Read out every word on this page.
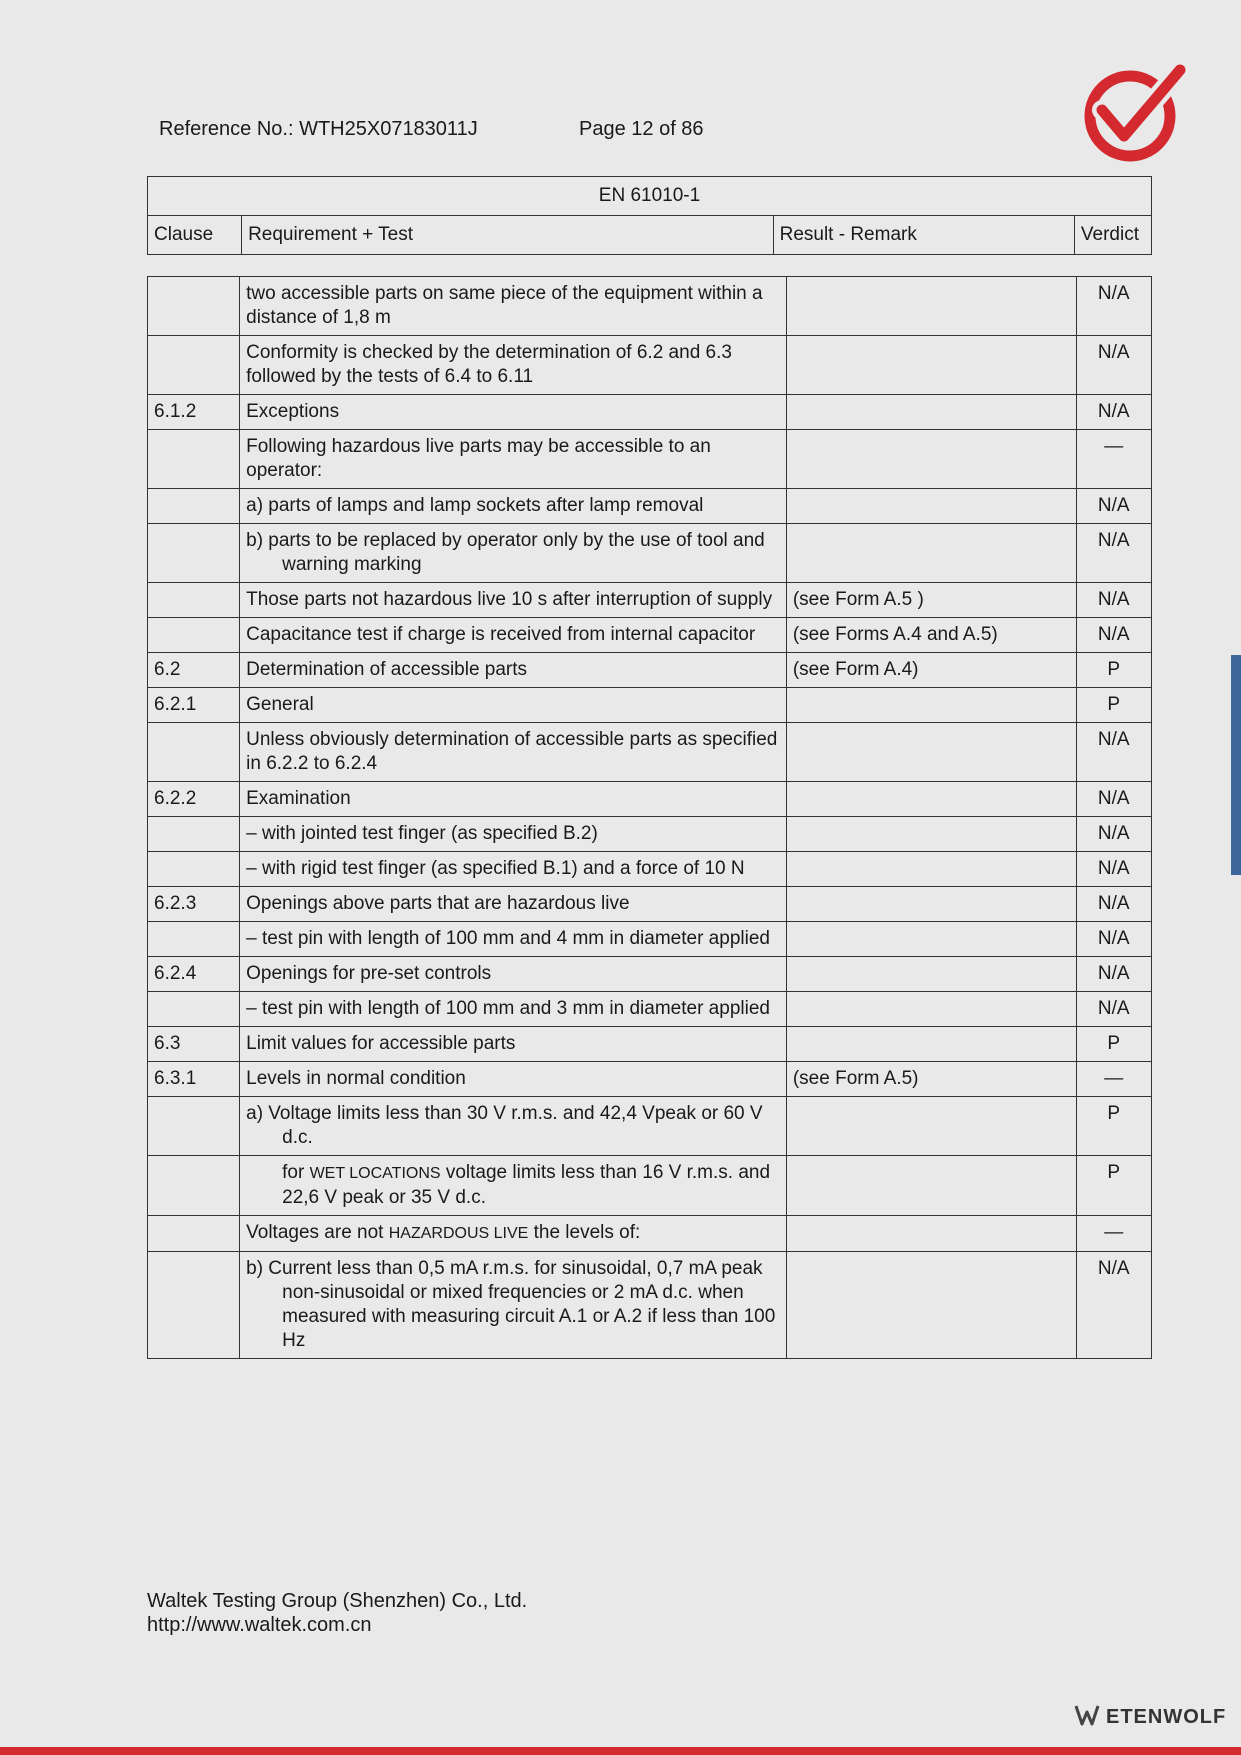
Reference No.: WTH25X07183011J	Page 12 of 86
EN 61010-1
Clause	Requirement + Test	Result - Remark	Verdict
	two accessible parts on same piece of the equipment within a distance of 1,8 m		N/A
	Conformity is checked by the determination of 6.2 and 6.3 followed by the tests of 6.4 to 6.11		N/A
6.1.2	Exceptions		N/A
	Following hazardous live parts may be accessible to an operator:		—
	a) parts of lamps and lamp sockets after lamp removal		N/A
	b) parts to be replaced by operator only by the use of tool and warning marking		N/A
	Those parts not hazardous live 10 s after interruption of supply	(see Form A.5 )	N/A
	Capacitance test if charge is received from internal capacitor	(see Forms A.4 and A.5)	N/A
6.2	Determination of accessible parts	(see Form A.4)	P
6.2.1	General		P
	Unless obviously determination of accessible parts as specified in 6.2.2 to 6.2.4		N/A
6.2.2	Examination		N/A
	– with jointed test finger (as specified B.2)		N/A
	– with rigid test finger (as specified B.1) and a force of 10 N		N/A
6.2.3	Openings above parts that are hazardous live		N/A
	– test pin with length of 100 mm and 4 mm in diameter applied		N/A
6.2.4	Openings for pre-set controls		N/A
	– test pin with length of 100 mm and 3 mm in diameter applied		N/A
6.3	Limit values for accessible parts		P
6.3.1	Levels in normal condition	(see Form A.5)	—
	a) Voltage limits less than 30 V r.m.s. and 42,4 Vpeak or 60 V d.c.		P
	for WET LOCATIONS voltage limits less than 16 V r.m.s. and 22,6 V peak or 35 V d.c.		P
	Voltages are not HAZARDOUS LIVE the levels of:		—
	b) Current less than 0,5 mA r.m.s. for sinusoidal, 0,7 mA peak non-sinusoidal or mixed frequencies or 2 mA d.c. when measured with measuring circuit A.1 or A.2 if less than 100 Hz		N/A
Waltek Testing Group (Shenzhen) Co., Ltd.
http://www.waltek.com.cn
ETENWOLF
